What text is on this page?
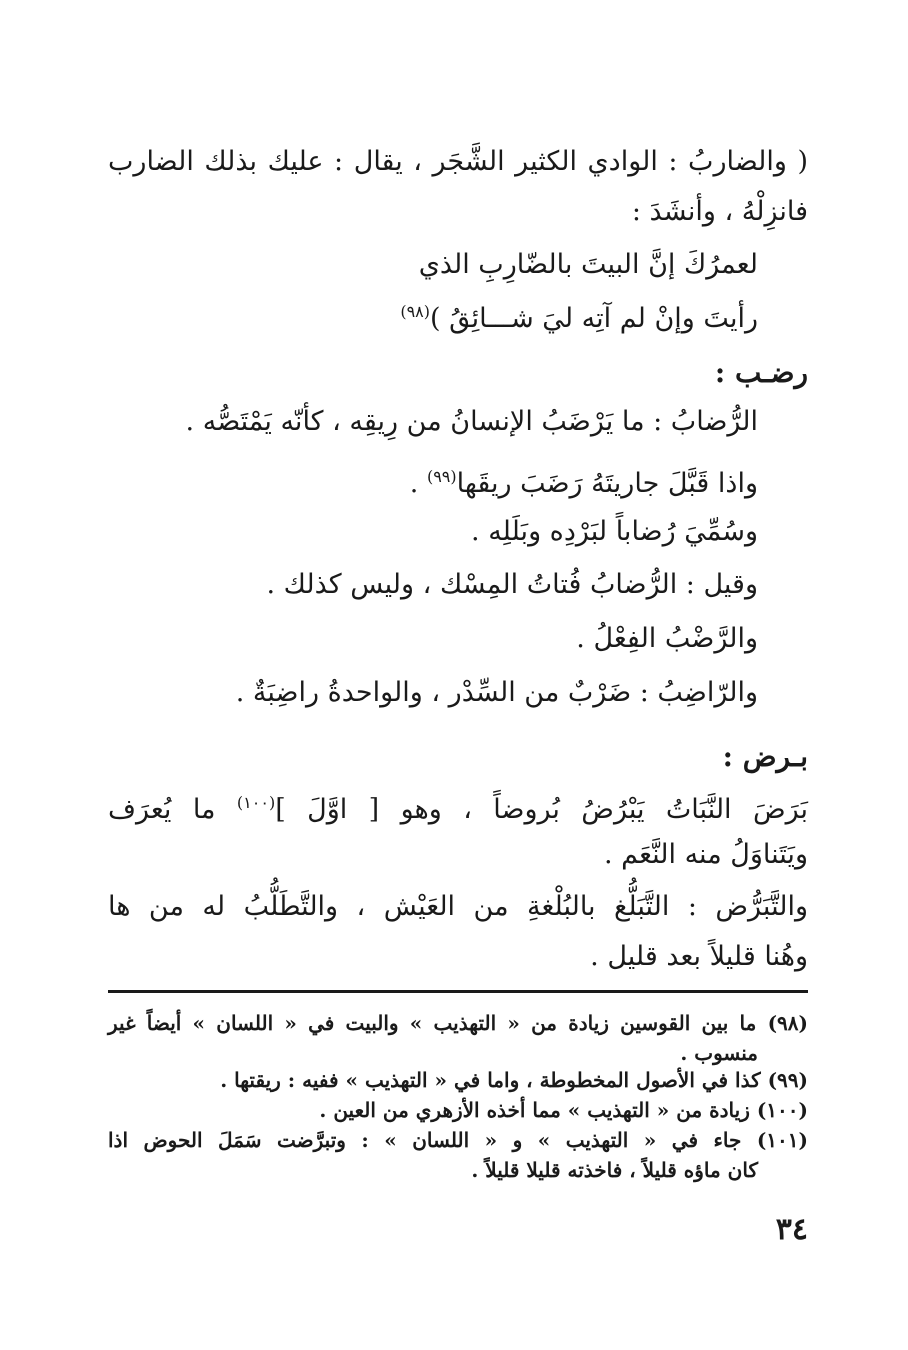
( والضاربُ : الوادي الكثير الشَّجَر ، يقال : عليك بذلك الضارب
فانزِلْهُ ، وأنشَدَ :
لعمرُكَ إنَّ البيتَ بالضّارِبِ الذي
رأيتَ وإنْ لم آتِه ليَ شـــائِقُ )$^{(٩٨)}$
رضـب :
الرُّضابُ : ما يَرْضَبُ الإنسانُ من رِيقِه ، كأنّه يَمْتَصُّه .
واذا قَبَّلَ جاريتَهُ رَضَبَ ريقَها$^{(٩٩)}$ .
وسُمِّيَ رُضاباً لبَرْدِه وبَلَلِه .
وقيل : الرُّضابُ فُتاتُ المِسْك ، وليس كذلك .
والرَّضْبُ الفِعْلُ .
والرّاضِبُ : ضَرْبٌ من السِّدْر ، والواحدةُ راضِبَةٌ .
بـرض :
بَرَضَ النَّبَاتُ يَبْرُضُ بُروضاً ، وهو [ اوَّلَ ]$^{(١٠٠)}$ ما يُعرَف
ويَتَناوَلُ منه النَّعَم .
والتَّبَرُّض : التَّبَلُّغ بالبُلْغةِ من العَيْش ، والتَّطَلُّبُ له من ها
وهُنا قليلاً بعد قليل .
(٩٨) ما بين القوسين زيادة من « التهذيب » والبيت في « اللسان » أيضاً غير
منسوب .
(٩٩) كذا في الأصول المخطوطة ، واما في « التهذيب » ففيه : ريقتها .
(١٠٠) زيادة من « التهذيب » مما أخذه الأزهري من العين .
(١٠١) جاء في « التهذيب » و « اللسان » : وتبرَّضت سَمَلَ الحوض اذا
كان ماؤه قليلاً ، فاخذته قليلا قليلاً .
٣٤
